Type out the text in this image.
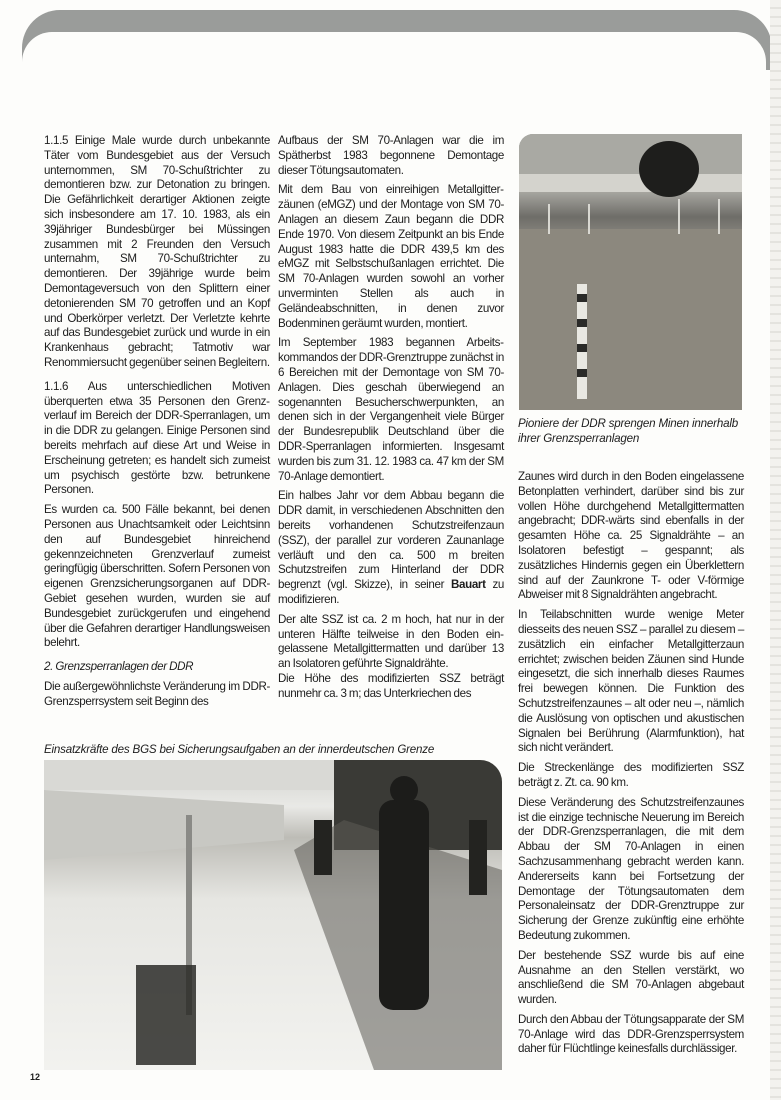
1.1.5 Einige Male wurde durch unbekannte Täter vom Bundesgebiet aus der Versuch unternommen, SM 70-Schußtrichter zu demontieren bzw. zur Detonation zu bringen. Die Gefährlichkeit derartiger Aktionen zeigte sich insbesondere am 17. 10. 1983, als ein 39jähriger Bundesbürger bei Müssingen zusammen mit 2 Freunden den Versuch unternahm, SM 70-Schußtrichter zu demontieren. Der 39jährige wurde beim Demontageversuch von den Splittern einer detonierenden SM 70 getroffen und an Kopf und Oberkörper verletzt. Der Verletzte kehrte auf das Bundesgebiet zurück und wurde in ein Krankenhaus gebracht; Tatmotiv war Renommiersucht gegenüber seinen Begleitern.

1.1.6 Aus unterschiedlichen Motiven überquerten etwa 35 Personen den Grenzverlauf im Bereich der DDR-Sperranlagen, um in die DDR zu gelangen. Einige Personen sind bereits mehrfach auf diese Art und Weise in Erscheinung getreten; es handelt sich zumeist um psychisch gestörte bzw. betrunkene Personen.

Es wurden ca. 500 Fälle bekannt, bei denen Personen aus Unachtsamkeit oder Leichtsinn den auf Bundesgebiet hinreichend gekennzeichneten Grenzverlauf zumeist geringfügig überschritten. Sofern Personen von eigenen Grenzsicherungsorganen auf DDR-Gebiet gesehen wurden, wurden sie auf Bundesgebiet zurückgerufen und eingehend über die Gefahren derartiger Handlungsweisen belehrt.

2. Grenzsperranlagen der DDR

Die außergewöhnlichste Veränderung im DDR-Grenzsperrsystem seit Beginn des

Aufbaus der SM 70-Anlagen war die im Spätherbst 1983 begonnene Demontage dieser Tötungsautomaten.

Mit dem Bau von einreihigen Metallgitterzäunen (eMGZ) und der Montage von SM 70-Anlagen an diesem Zaun begann die DDR Ende 1970. Von diesem Zeitpunkt an bis Ende August 1983 hatte die DDR 439,5 km des eMGZ mit Selbstschußanlagen errichtet. Die SM 70-Anlagen wurden sowohl an vorher unverminten Stellen als auch in Geländeabschnitten, in denen zuvor Bodenminen geräumt wurden, montiert.

Im September 1983 begannen Arbeitskommandos der DDR-Grenztruppe zunächst in 6 Bereichen mit der Demontage von SM 70-Anlagen. Dies geschah überwiegend an sogenannten Besucherschwerpunkten, an denen sich in der Vergangenheit viele Bürger der Bundesrepublik Deutschland über die DDR-Sperranlagen informierten. Insgesamt wurden bis zum 31. 12. 1983 ca. 47 km der SM 70-Anlage demontiert.

Ein halbes Jahr vor dem Abbau begann die DDR damit, in verschiedenen Abschnitten den bereits vorhandenen Schutzstreifenzaun (SSZ), der parallel zur vorderen Zaunanlage verläuft und den ca. 500 m breiten Schutzstreifen zum Hinterland der DDR begrenzt (vgl. Skizze), in seiner Bauart zu modifizieren.

Der alte SSZ ist ca. 2 m hoch, hat nur in der unteren Hälfte teilweise in den Boden eingelassene Metallgittermatten und darüber 13 an Isolatoren geführte Signaldrähte.

Die Höhe des modifizierten SSZ beträgt nunmehr ca. 3 m; das Unterkriechen des

Pioniere der DDR sprengen Minen innerhalb ihrer Grenzsperranlagen

Zaunes wird durch in den Boden eingelassene Betonplatten verhindert, darüber sind bis zur vollen Höhe durchgehend Metallgittermatten angebracht; DDR-wärts sind ebenfalls in der gesamten Höhe ca. 25 Signaldrähte – an Isolatoren befestigt – gespannt; als zusätzliches Hindernis gegen ein Überklettern sind auf der Zaunkrone T- oder V-förmige Abweiser mit 8 Signaldrähten angebracht.

In Teilabschnitten wurde wenige Meter diesseits des neuen SSZ – parallel zu diesem – zusätzlich ein einfacher Metallgitterzaun errichtet; zwischen beiden Zäunen sind Hunde eingesetzt, die sich innerhalb dieses Raumes frei bewegen können. Die Funktion des Schutzstreifenzaunes – alt oder neu –, nämlich die Auslösung von optischen und akustischen Signalen bei Berührung (Alarmfunktion), hat sich nicht verändert.

Die Streckenlänge des modifizierten SSZ beträgt z. Zt. ca. 90 km.

Diese Veränderung des Schutzstreifenzaunes ist die einzige technische Neuerung im Bereich der DDR-Grenzsperranlagen, die mit dem Abbau der SM 70-Anlagen in einen Sachzusammenhang gebracht werden kann. Andererseits kann bei Fortsetzung der Demontage der Tötungsautomaten dem Personaleinsatz der DDR-Grenztruppe zur Sicherung der Grenze zukünftig eine erhöhte Bedeutung zukommen.

Der bestehende SSZ wurde bis auf eine Ausnahme an den Stellen verstärkt, wo anschließend die SM 70-Anlagen abgebaut wurden.

Durch den Abbau der Tötungsapparate der SM 70-Anlage wird das DDR-Grenzsperrsystem daher für Flüchtlinge keinesfalls durchlässiger.

Einsatzkräfte des BGS bei Sicherungsaufgaben an der innerdeutschen Grenze
12
